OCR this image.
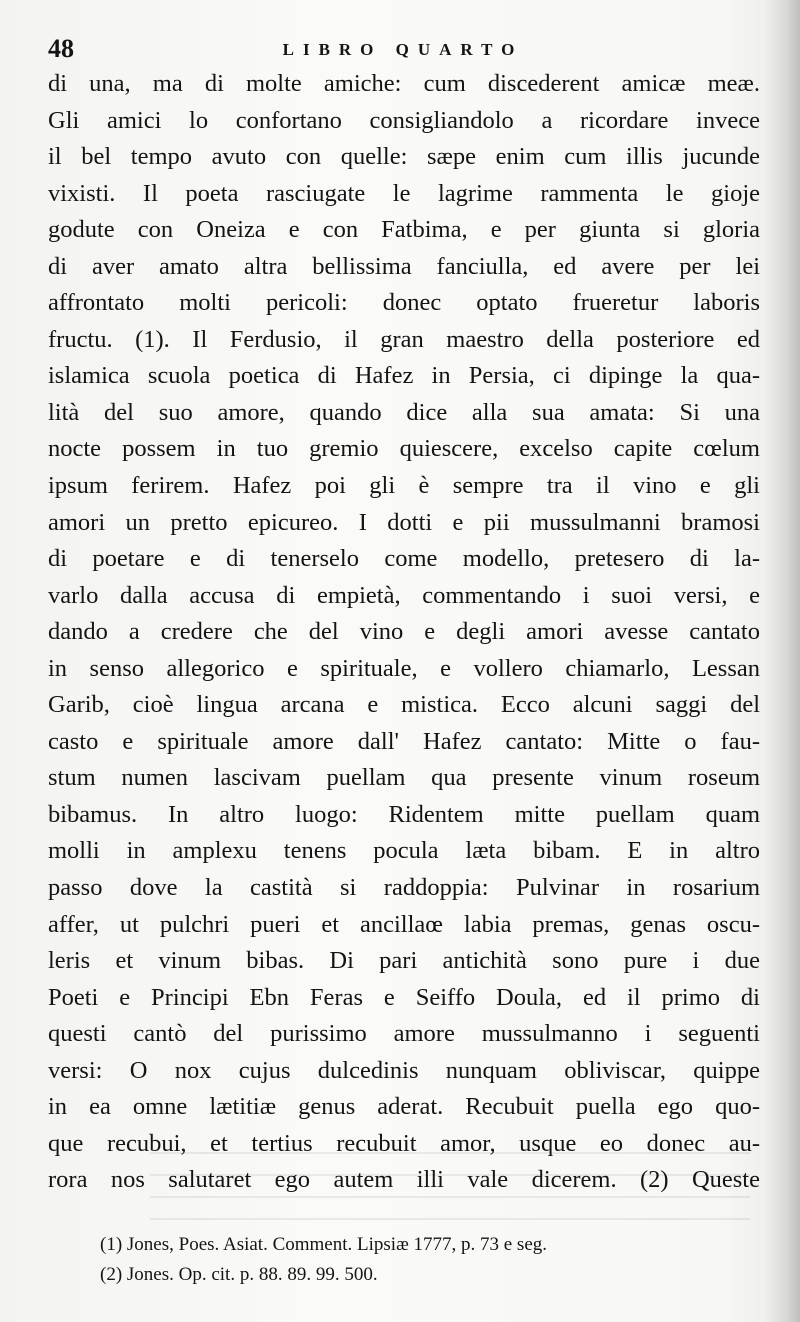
48	LIBRO QUARTO
di una, ma di molte amiche: cum discederent amicæ meæ.
Gli amici lo confortano consigliandolo a ricordare invece
il bel tempo avuto con quelle: sæpe enim cum illis jucunde
vixisti. Il poeta rasciugate le lagrime rammenta le gioje
godute con Oneiza e con Fatbima, e per giunta si gloria
di aver amato altra bellissima fanciulla, ed avere per lei
affrontato molti pericoli: donec optato frueretur laboris
fructu. (1). Il Ferdusio, il gran maestro della posteriore ed
islamica scuola poetica di Hafez in Persia, ci dipinge la qua-
lità del suo amore, quando dice alla sua amata: Si una
nocte possem in tuo gremio quiescere, excelso capite cœlum
ipsum ferirem. Hafez poi gli è sempre tra il vino e gli
amori un pretto epicureo. I dotti e pii mussulmanni bramosi
di poetare e di tenerselo come modello, pretesero di la-
varlo dalla accusa di empietà, commentando i suoi versi, e
dando a credere che del vino e degli amori avesse cantato
in senso allegorico e spirituale, e vollero chiamarlo, Lessan
Garib, cioè lingua arcana e mistica. Ecco alcuni saggi del
casto e spirituale amore dall' Hafez cantato: Mitte o fau-
stum numen lascivam puellam qua presente vinum roseum
bibamus. In altro luogo: Ridentem mitte puellam quam
molli in amplexu tenens pocula læta bibam. E in altro
passo dove la castità si raddoppia: Pulvinar in rosarium
affer, ut pulchri pueri et ancillaœ labia premas, genas oscu-
leris et vinum bibas. Di pari antichità sono pure i due
Poeti e Principi Ebn Feras e Seiffo Doula, ed il primo di
questi cantò del purissimo amore mussulmanno i seguenti
versi: O nox cujus dulcedinis nunquam obliviscar, quippe
in ea omne lætitiæ genus aderat. Recubuit puella ego quo-
que recubui, et tertius recubuit amor, usque eo donec au-
rora nos salutaret ego autem illi vale dicerem. (2) Queste
(1) Jones, Poes. Asiat. Comment. Lipsiæ 1777, p. 73 e seg.
(2) Jones. Op. cit. p. 88. 89. 99. 500.
